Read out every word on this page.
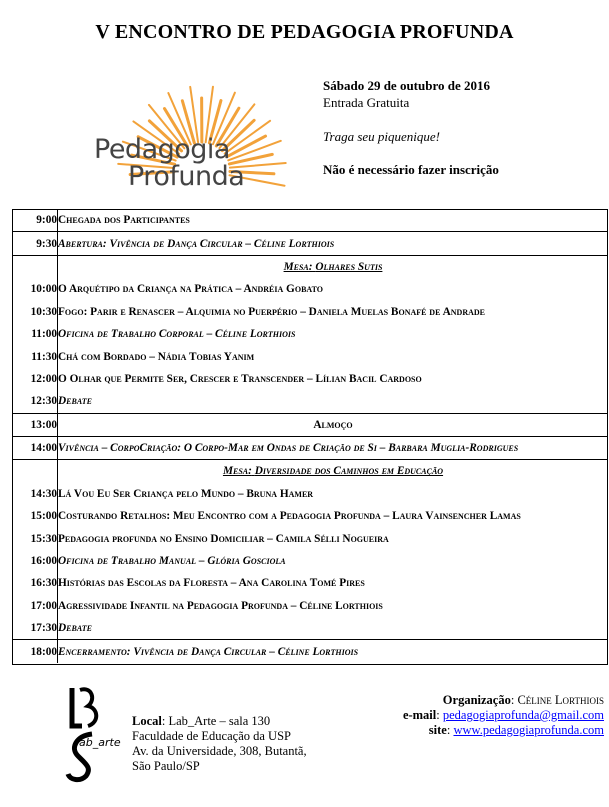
V ENCONTRO DE PEDAGOGIA PROFUNDA
Pedagogia
Profunda
Sábado 29 de outubro de 2016
Entrada Gratuita
Traga seu piquenique!
Não é necessário fazer inscrição
9:00	Chegada dos Participantes
9:30	Abertura: Vivência de Dança Circular – Céline Lorthiois
	Mesa: Olhares Sutis
10:00	O Arquétipo da Criança na Prática – Andréia Gobato
10:30	Fogo: Parir e Renascer – Alquimia no Puerpério – Daniela Muelas Bonafé de Andrade
11:00	Oficina de Trabalho Corporal – Céline Lorthiois
11:30	Chá com Bordado – Nádia Tobias Yanim
12:00	O Olhar que Permite Ser, Crescer e Transcender – Lílian Bacil Cardoso
12:30	Debate
13:00	Almoço
14:00	Vivência – CorpoCriação: O Corpo-Mar em Ondas de Criação de Si – Barbara Muglia-Rodrigues
	Mesa: Diversidade dos Caminhos em Educação
14:30	Lá Vou Eu Ser Criança pelo Mundo – Bruna Hamer
15:00	Costurando Retalhos: Meu Encontro com a Pedagogia Profunda – Laura Vainsencher Lamas
15:30	Pedagogia profunda no Ensino Domiciliar – Camila Sélli Nogueira
16:00	Oficina de Trabalho Manual – Glória Gosciola
16:30	Histórias das Escolas da Floresta – Ana Carolina Tomé Pires
17:00	Agressividade Infantil na Pedagogia Profunda – Céline Lorthiois
17:30	Debate
18:00	Encerramento: Vivência de Dança Circular – Céline Lorthiois
lab_arte
Local: Lab_Arte – sala 130
Faculdade de Educação da USP
Av. da Universidade, 308, Butantã,
São Paulo/SP
Organização: Céline Lorthiois
e-mail: pedagogiaprofunda@gmail.com
site: www.pedagogiaprofunda.com
